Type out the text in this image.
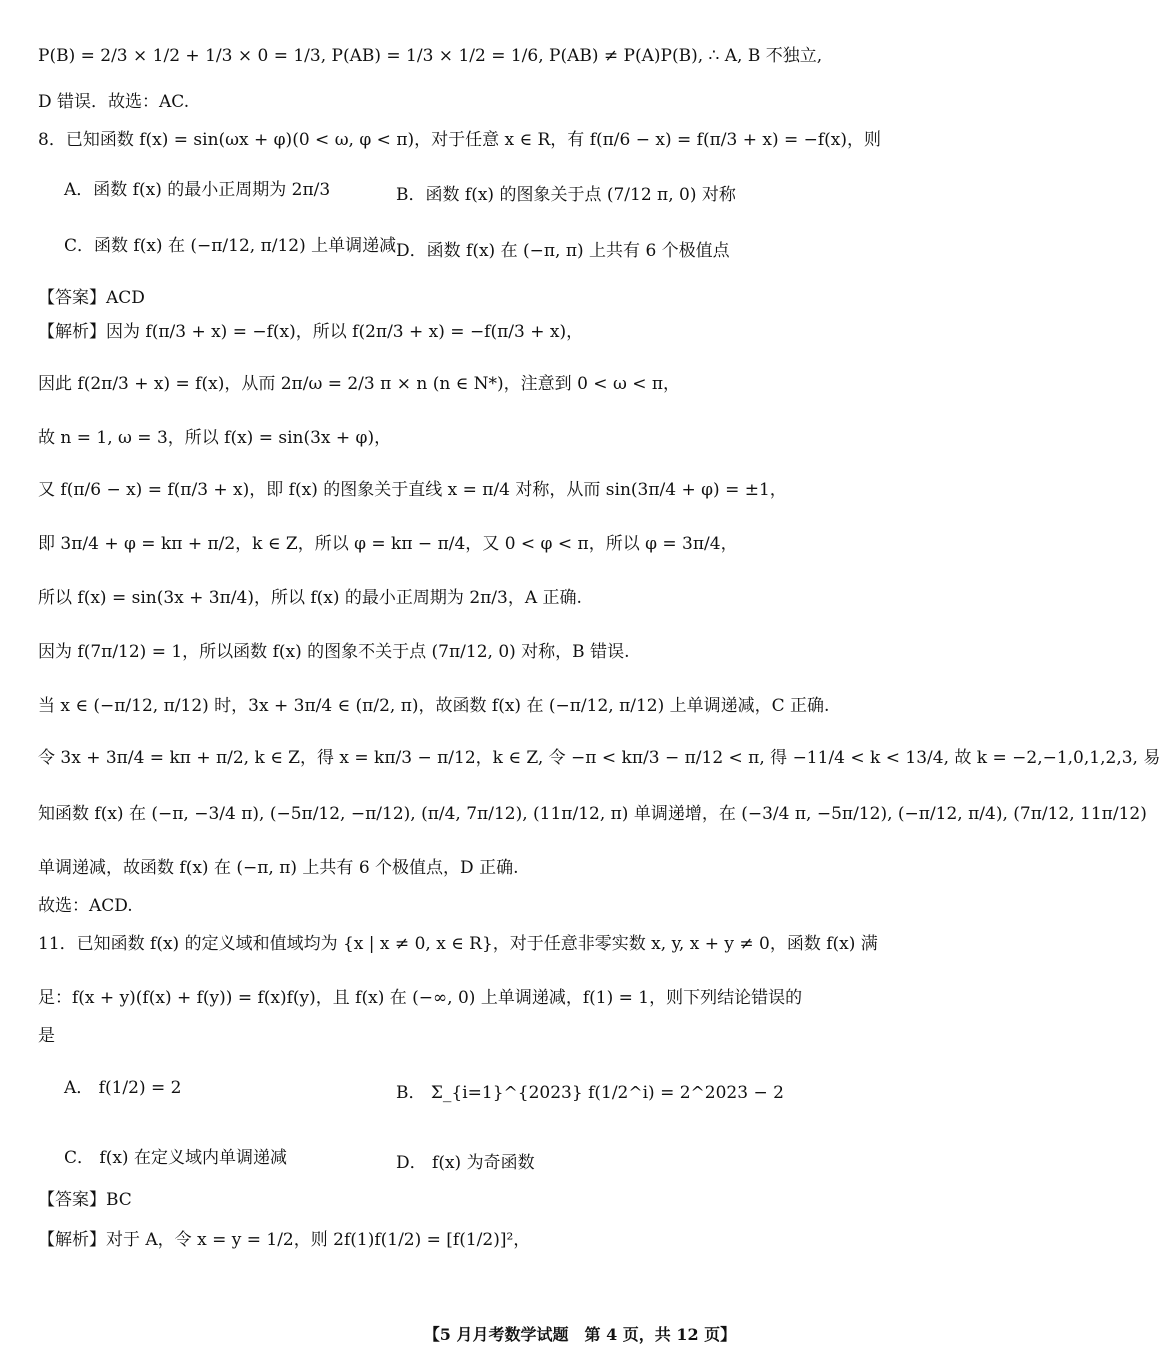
P(B) = 2/3 × 1/2 + 1/3 × 0 = 1/3, P(AB) = 1/3 × 1/2 = 1/6, P(AB) ≠ P(A)P(B), ∴ A, B 不独立,
D 错误．故选：AC.
8．已知函数 f(x) = sin(ωx + φ)(0 < ω, φ < π)，对于任意 x ∈ R，有 f(π/6 − x) = f(π/3 + x) = −f(x)，则
【答案】ACD
【解析】因为 f(π/3 + x) = −f(x)，所以 f(2π/3 + x) = −f(π/3 + x)，
因此 f(2π/3 + x) = f(x)，从而 2π/ω = 2/3 π × n (n ∈ N*)，注意到 0 < ω < π，
故 n = 1, ω = 3，所以 f(x) = sin(3x + φ)，
又 f(π/6 − x) = f(π/3 + x)，即 f(x) 的图象关于直线 x = π/4 对称，从而 sin(3π/4 + φ) = ±1，
即 3π/4 + φ = kπ + π/2，k ∈ Z，所以 φ = kπ − π/4，又 0 < φ < π，所以 φ = 3π/4，
所以 f(x) = sin(3x + 3π/4)，所以 f(x) 的最小正周期为 2π/3，A 正确.
因为 f(7π/12) = 1，所以函数 f(x) 的图象不关于点 (7π/12, 0) 对称，B 错误.
当 x ∈ (−π/12, π/12) 时，3x + 3π/4 ∈ (π/2, π)，故函数 f(x) 在 (−π/12, π/12) 上单调递减，C 正确.
令 3x + 3π/4 = kπ + π/2, k ∈ Z，得 x = kπ/3 − π/12，k ∈ Z, 令 −π < kπ/3 − π/12 < π, 得 −11/4 < k < 13/4, 故 k = −2,−1,0,1,2,3, 易
知函数 f(x) 在 (−π, −3/4 π), (−5π/12, −π/12), (π/4, 7π/12), (11π/12, π) 单调递增，在 (−3/4 π, −5π/12), (−π/12, π/4), (7π/12, 11π/12)
单调递减，故函数 f(x) 在 (−π, π) 上共有 6 个极值点，D 正确.
故选：ACD.
11．已知函数 f(x) 的定义域和值域均为 {x | x ≠ 0, x ∈ R}，对于任意非零实数 x, y, x + y ≠ 0，函数 f(x) 满
足：f(x + y)(f(x) + f(y)) = f(x)f(y)，且 f(x) 在 (−∞, 0) 上单调递减，f(1) = 1，则下列结论错误的
是
【答案】BC
【解析】对于 A，令 x = y = 1/2，则 2f(1)f(1/2) = [f(1/2)]²，
A．函数 f(x) 的最小正周期为 2π/3	B．函数 f(x) 的图象关于点 (7/12 π, 0) 对称
C．函数 f(x) 在 (−π/12, π/12) 上单调递减 D．函数 f(x) 在 (−π, π) 上共有 6 个极值点
A． f(1/2) = 2	B． Σ_{i=1}^{2023} f(1/2^i) = 2^2023 − 2
C． f(x) 在定义域内单调递减	D． f(x) 为奇函数
【5 月月考数学试题　第 4 页，共 12 页】
